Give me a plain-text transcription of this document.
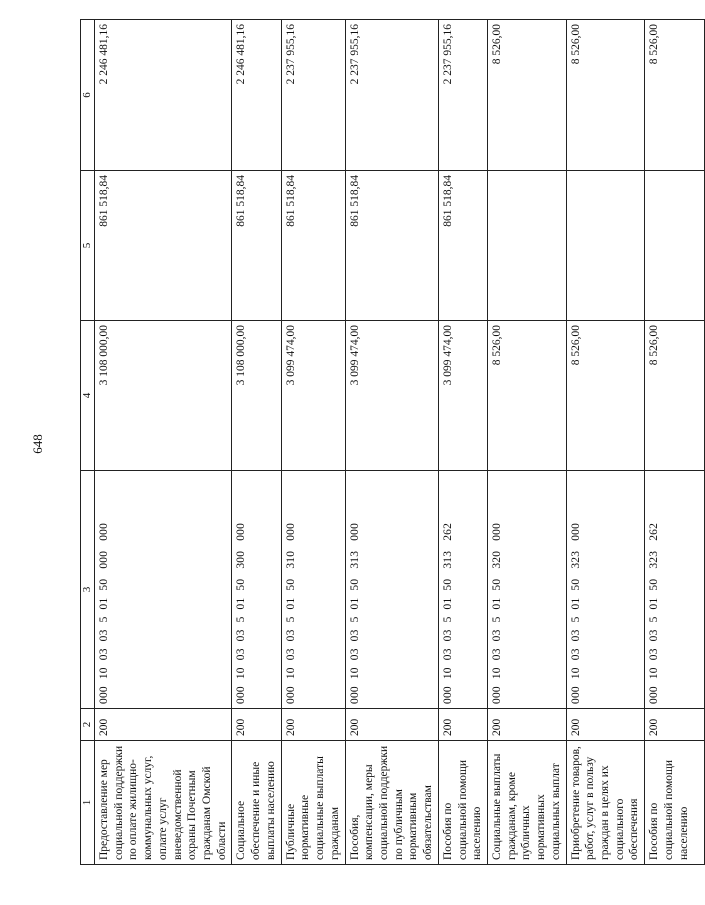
648
1	2	3	4	5	6
Предоставление мер социальной поддержки по оплате жилищно-коммунальных услуг, оплате услуг вневедомственной охраны Почетным гражданам Омской области	200	00010030350150000000	3 108 000,00	861 518,84	2 246 481,16
Социальное обеспечение и иные выплаты населению	200	00010030350150300000	3 108 000,00	861 518,84	2 246 481,16
Публичные нормативные социальные выплаты гражданам	200	00010030350150310000	3 099 474,00	861 518,84	2 237 955,16
Пособия, компенсации, меры социальной поддержки по публичным нормативным обязательствам	200	00010030350150313000	3 099 474,00	861 518,84	2 237 955,16
Пособия по социальной помощи населению	200	00010030350150313262	3 099 474,00	861 518,84	2 237 955,16
Социальные выплаты гражданам, кроме публичных нормативных социальных выплат	200	00010030350150320000	8 526,00		8 526,00
Приобретение товаров, работ, услуг в пользу граждан в целях их социального обеспечения	200	00010030350150323000	8 526,00		8 526,00
Пособия по социальной помощи населению	200	00010030350150323262	8 526,00		8 526,00
